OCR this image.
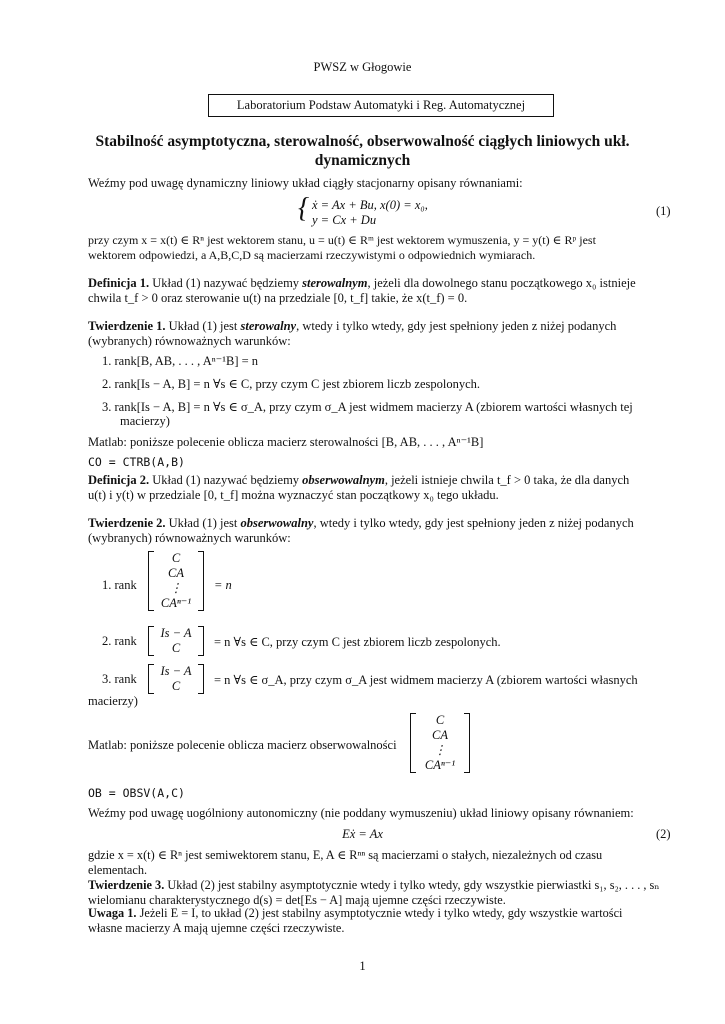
PWSZ w Głogowie
Laboratorium Podstaw Automatyki i Reg. Automatycznej
Stabilność asymptotyczna, sterowalność, obserwowalność ciągłych liniowych ukł.
dynamicznych
Weźmy pod uwagę dynamiczny liniowy układ ciągły stacjonarny opisany równaniami:
{ ẋ = Ax + Bu, x(0) = x₀,
y = Cx + Du
(1)
przy czym x = x(t) ∈ Rⁿ jest wektorem stanu, u = u(t) ∈ Rᵐ jest wektorem wymuszenia, y = y(t) ∈ Rᵖ jest
wektorem odpowiedzi, a A,B,C,D są macierzami rzeczywistymi o odpowiednich wymiarach.
Definicja 1. Układ (1) nazywać będziemy sterowalnym, jeżeli dla dowolnego stanu początkowego x₀ istnieje
chwila t_f > 0 oraz sterowanie u(t) na przedziale [0, t_f] takie, że x(t_f) = 0.
Twierdzenie 1. Układ (1) jest sterowalny, wtedy i tylko wtedy, gdy jest spełniony jeden z niżej podanych
(wybranych) równoważnych warunków:
1. rank[B, AB, . . . , Aⁿ⁻¹B] = n
2. rank[Is − A, B] = n ∀s ∈ C, przy czym C jest zbiorem liczb zespolonych.
3. rank[Is − A, B] = n ∀s ∈ σ_A, przy czym σ_A jest widmem macierzy A (zbiorem wartości własnych tej
macierzy)
Matlab: poniższe polecenie oblicza macierz sterowalności [B, AB, . . . , Aⁿ⁻¹B]
CO = CTRB(A,B)
Definicja 2. Układ (1) nazywać będziemy obserwowalnym, jeżeli istnieje chwila t_f > 0 taka, że dla danych
u(t) i y(t) w przedziale [0, t_f] można wyznaczyć stan początkowy x₀ tego układu.
Twierdzenie 2. Układ (1) jest obserwowalny, wtedy i tylko wtedy, gdy jest spełniony jeden z niżej podanych
(wybranych) równoważnych warunków:
1. rank
C
CA
⋮
CAⁿ⁻¹
= n
2. rank
Is − A
C	= n ∀s ∈ C, przy czym C jest zbiorem liczb zespolonych.
3. rank
Is − A
C	= n ∀s ∈ σ_A, przy czym σ_A jest widmem macierzy A (zbiorem wartości własnych
macierzy)
Matlab: poniższe polecenie oblicza macierz obserwowalności
C
CA
⋮
CAⁿ⁻¹
OB = OBSV(A,C)
Weźmy pod uwagę uogólniony autonomiczny (nie poddany wymuszeniu) układ liniowy opisany równaniem:
Eẋ = Ax	(2)
gdzie x = x(t) ∈ Rⁿ jest semiwektorem stanu, E, A ∈ Rⁿⁿ są macierzami o stałych, niezależnych od czasu
elementach.
Twierdzenie 3. Układ (2) jest stabilny asymptotycznie wtedy i tylko wtedy, gdy wszystkie pierwiastki s₁, s₂, . . . , sₙ
wielomianu charakterystycznego d(s) = det[Es − A] mają ujemne części rzeczywiste.
Uwaga 1. Jeżeli E = I, to układ (2) jest stabilny asymptotycznie wtedy i tylko wtedy, gdy wszystkie wartości
własne macierzy A mają ujemne części rzeczywiste.
1
